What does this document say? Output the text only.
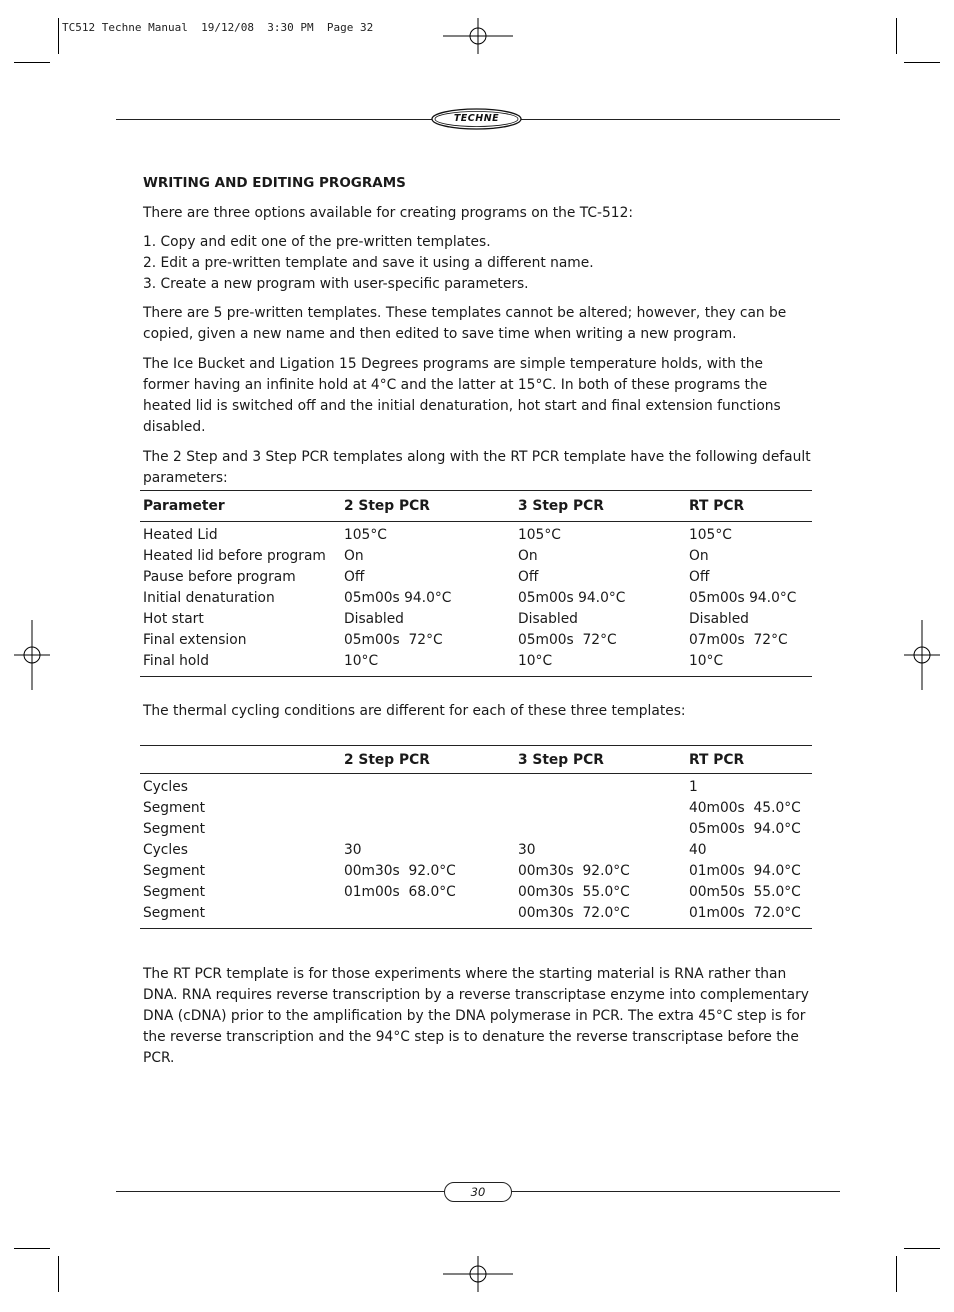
TC512 Techne Manual  19/12/08  3:30 PM  Page 32
TECHNE
WRITING AND EDITING PROGRAMS

There are three options available for creating programs on the TC-512:

1. Copy and edit one of the pre-written templates.
2. Edit a pre-written template and save it using a different name.
3. Create a new program with user-specific parameters.

There are 5 pre-written templates. These templates cannot be altered; however, they can be copied, given a new name and then edited to save time when writing a new program.

The Ice Bucket and Ligation 15 Degrees programs are simple temperature holds, with the former having an infinite hold at 4°C and the latter at 15°C. In both of these programs the heated lid is switched off and the initial denaturation, hot start and final extension functions disabled.

The 2 Step and 3 Step PCR templates along with the RT PCR template have the following default parameters:

Parameter	2 Step PCR	3 Step PCR	RT PCR
Heated Lid	105°C	105°C	105°C
Heated lid before program	On	On	On
Pause before program	Off	Off	Off
Initial denaturation	05m00s 94.0°C	05m00s 94.0°C	05m00s 94.0°C
Hot start	Disabled	Disabled	Disabled
Final extension	05m00s  72°C	05m00s  72°C	07m00s  72°C
Final hold	10°C	10°C	10°C

The thermal cycling conditions are different for each of these three templates:

	2 Step PCR	3 Step PCR	RT PCR
Cycles			1
Segment			40m00s  45.0°C
Segment			05m00s  94.0°C
Cycles	30	30	40
Segment	00m30s  92.0°C	00m30s  92.0°C	01m00s  94.0°C
Segment	01m00s  68.0°C	00m30s  55.0°C	00m50s  55.0°C
Segment		00m30s  72.0°C	01m00s  72.0°C

The RT PCR template is for those experiments where the starting material is RNA rather than DNA. RNA requires reverse transcription by a reverse transcriptase enzyme into complementary DNA (cDNA) prior to the amplification by the DNA polymerase in PCR. The extra 45°C step is for the reverse transcription and the 94°C step is to denature the reverse transcriptase before the PCR.

30
